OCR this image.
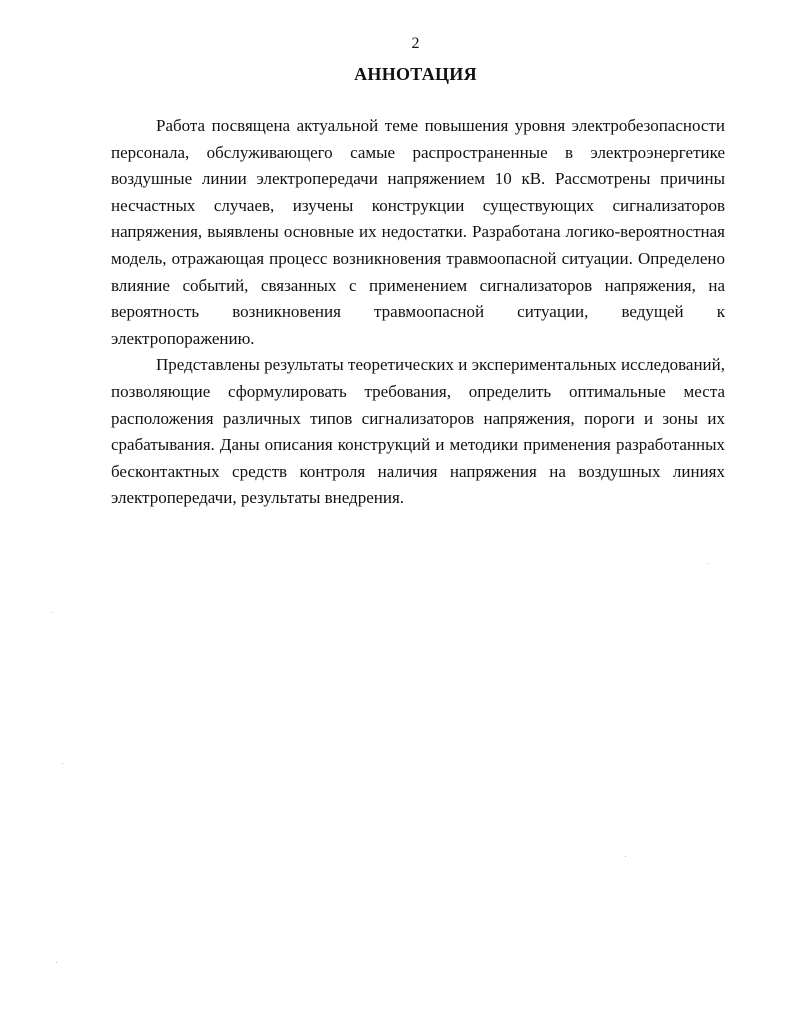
2
АННОТАЦИЯ

Работа посвящена актуальной теме повышения уровня электробезопасности персонала, обслуживающего самые распространенные в электроэнергетике воздушные линии электропередачи напряжением 10 кВ. Рассмотрены причины несчастных случаев, изучены конструкции существующих сигнализаторов напряжения, выявлены основные их недостатки. Разработана логико-вероятностная модель, отражающая процесс возникновения травмоопасной ситуации. Определено влияние событий, связанных с применением сигнализаторов напряжения, на вероятность возникновения травмоопасной ситуации, ведущей к электропоражению.

Представлены результаты теоретических и экспериментальных исследований, позволяющие сформулировать требования, определить оптимальные места расположения различных типов сигнализаторов напряжения, пороги и зоны их срабатывания. Даны описания конструкций и методики применения разработанных бесконтактных средств контроля наличия напряжения на воздушных линиях электропередачи, результаты внедрения.
